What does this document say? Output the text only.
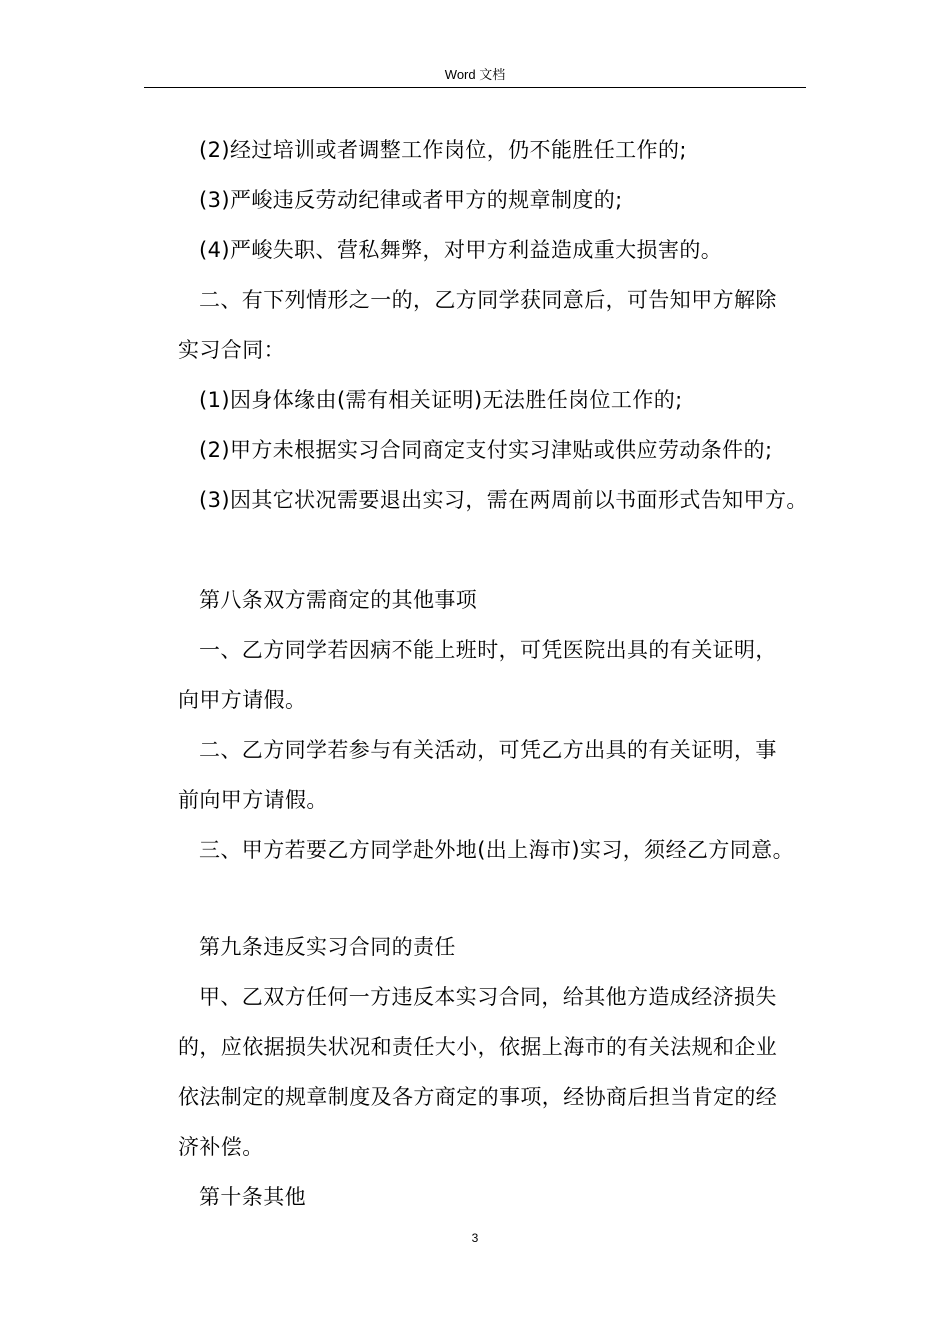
Word 文档
(2)经过培训或者调整工作岗位，仍不能胜任工作的;
(3)严峻违反劳动纪律或者甲方的规章制度的;
(4)严峻失职、营私舞弊，对甲方利益造成重大损害的。
二、有下列情形之一的，乙方同学获同意后，可告知甲方解除
实习合同：
(1)因身体缘由(需有相关证明)无法胜任岗位工作的;
(2)甲方未根据实习合同商定支付实习津贴或供应劳动条件的;
(3)因其它状况需要退出实习，需在两周前以书面形式告知甲方。
第八条双方需商定的其他事项
一、乙方同学若因病不能上班时，可凭医院出具的有关证明，
向甲方请假。
二、乙方同学若参与有关活动，可凭乙方出具的有关证明，事
前向甲方请假。
三、甲方若要乙方同学赴外地(出上海市)实习，须经乙方同意。
第九条违反实习合同的责任
甲、乙双方任何一方违反本实习合同，给其他方造成经济损失
的，应依据损失状况和责任大小，依据上海市的有关法规和企业
依法制定的规章制度及各方商定的事项，经协商后担当肯定的经
济补偿。
第十条其他
3
